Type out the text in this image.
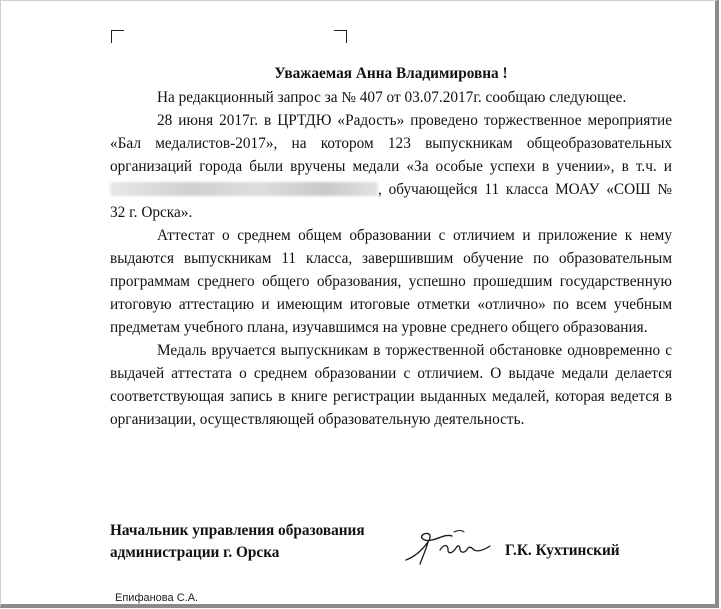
Уважаемая Анна Владимировна !

На редакционный запрос за № 407 от 03.07.2017г. сообщаю следующее.

28 июня 2017г. в ЦРТДЮ «Радость» проведено торжественное мероприятие «Бал медалистов-2017», на котором 123 выпускникам общеобразовательных организаций города были вручены медали «За особые успехи в учении», в т.ч. и , обучающейся 11 класса МОАУ «СОШ № 32 г. Орска».

Аттестат о среднем общем образовании с отличием и приложение к нему выдаются выпускникам 11 класса, завершившим обучение по образовательным программам среднего общего образования, успешно прошедшим государственную итоговую аттестацию и имеющим итоговые отметки «отлично» по всем учебным предметам учебного плана, изучавшимся на уровне среднего общего образования.

Медаль вручается выпускникам в торжественной обстановке одновременно с выдачей аттестата о среднем образовании с отличием. О выдаче медали делается соответствующая запись в книге регистрации выданных медалей, которая ведется в организации, осуществляющей образовательную деятельность.

Начальник управления образования
администрации г. Орска	Г.К. Кухтинский
Епифанова С.А.
